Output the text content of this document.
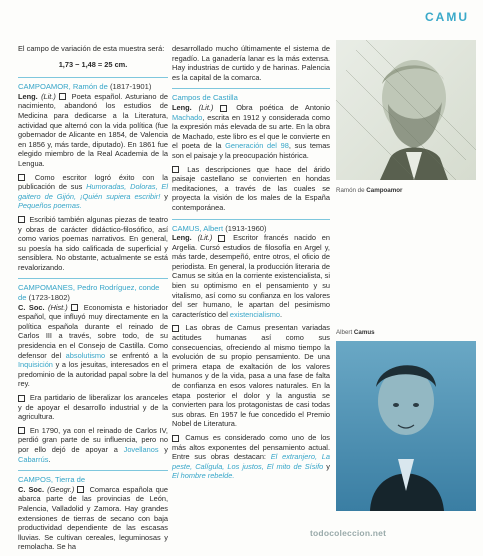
CAMU

El campo de variación de esta muestra será:

1,73 − 1,48 = 25 cm.
CAMPOAMOR, Ramón de (1817-1901)

Leng. (Lit.) Poeta español. Asturiano de nacimiento, abandonó los estudios de Medicina para dedicarse a la Literatura, actividad que alternó con la vida política (fue gobernador de Alicante en 1854, de Valencia en 1856 y, más tarde, diputado). En 1861 fue elegido miembro de la Real Academia de la Lengua.

Como escritor logró éxito con la publicación de sus Humoradas, Doloras, El gaitero de Gijón, ¡Quién supiera escribir! y Pequeños poemas.

Escribió también algunas piezas de teatro y obras de carácter didáctico-filosófico, así como varios poemas narrativos. En general, su poesía ha sido calificada de superficial y sensiblera. No obstante, actualmente se está revalorizando.

CAMPOMANES, Pedro Rodríguez, conde de (1723-1802)

C. Soc. (Hist.) Economista e historiador español, que influyó muy directamente en la política española durante el reinado de Carlos III a través, sobre todo, de su presidencia en el Consejo de Castilla. Como defensor del absolutismo se enfrentó a la Inquisición y a los jesuitas, interesados en el predominio de la autoridad papal sobre la del rey.

Era partidario de liberalizar los aranceles y de apoyar el desarrollo industrial y de la agricultura.

En 1790, ya con el reinado de Carlos IV, perdió gran parte de su influencia, pero no por ello dejó de apoyar a Jovellanos y Cabarrús.

CAMPOS, Tierra de

C. Soc. (Geogr.) Comarca española que abarca parte de las provincias de León, Palencia, Valladolid y Zamora. Hay grandes extensiones de tierras de secano con baja productividad dependiente de las escasas lluvias. Se cultivan cereales, leguminosas y remolacha. Se ha

desarrollado mucho últimamente el sistema de regadío. La ganadería lanar es la más extensa. Hay industrias de curtido y de harinas. Palencia es la capital de la comarca.

Campos de Castilla

Leng. (Lit.)	Obra poética de Antonio Machado, escrita en 1912 y considerada como la expresión más elevada de su arte. En la obra de Machado, este libro es el que le convierte en el poeta de la Generación del 98, sus temas son el paisaje y la preocupación histórica.

Las descripciones que hace del árido paisaje castellano se convierten en hondas meditaciones, a través de las cuales se proyecta la visión de los males de la España contemporánea.

CAMUS, Albert (1913-1960)

Leng. (Lit.)	Escritor francés nacido en Argelia. Cursó estudios de filosofía en Argel y, más tarde, desempeñó, entre otros, el oficio de periodista. En general, la producción literaria de Camus se sitúa en la corriente existencialista, si bien su optimismo en el pensamiento y su vitalismo, así como su confianza en los valores del ser humano, le apartan del pesimismo característico del existencialismo.

Las obras de Camus presentan variadas actitudes humanas así como sus consecuencias, ofreciendo al mismo tiempo la evolución de su propio pensamiento. De una primera etapa de exaltación de los valores humanos y de la vida, pasa a una fase de falta de confianza en esos valores naturales. En la etapa posterior el dolor y la angustia se convierten para los protagonistas de casi todas sus obras. En 1957 le fue concedido el Premio Nobel de Literatura.

Camus es considerado como uno de los más altos exponentes del pensamiento actual. Entre sus obras destacan: El extranjero, La peste, Calígula, Los justos, El mito de Sísifo y El hombre rebelde.

Ramón de Campoamor
Albert Camus
todocoleccion.net
